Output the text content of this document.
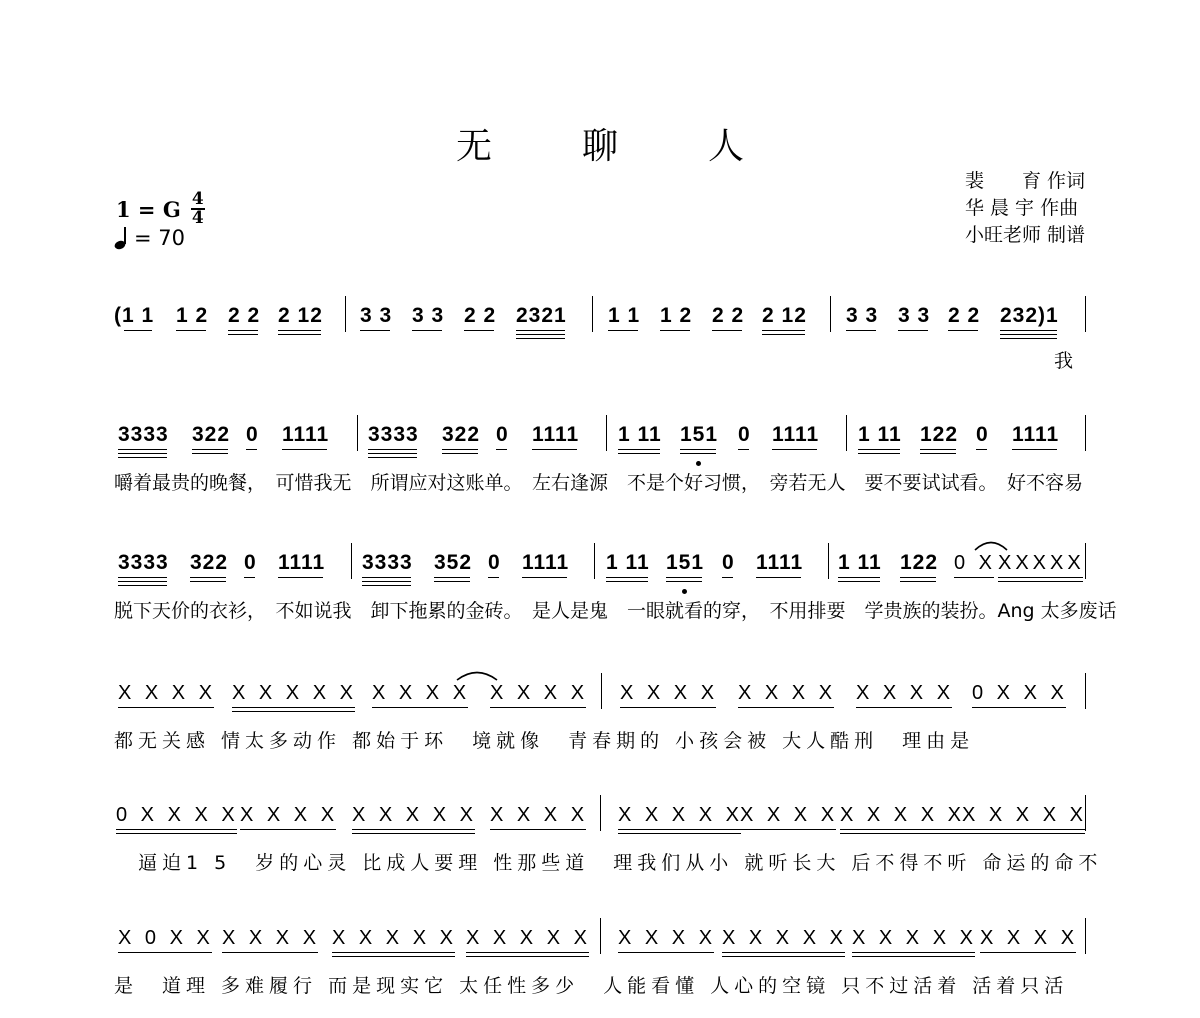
无聊人
裴　　育 作词
华 晨 宇 作曲
小旺老师 制谱
1 = G 4
4
= 70
(1 1 1 2 2 2 2 12 3 3 3 3 2 2 2321 1 1 1 2 2 2 2 12 3 3 3 3 2 2 232)1
我
3333 322 0 1111 3333 322 0 1111 1 11 151 0 1111 1 11 122 0 1111
嚼着最贵的晚餐，　可惜我无　所谓应对这账单。　左右逢源　不是个好习惯，　旁若无人　要不要试试看。　好不容易
3333 322 0 1111 3333 352 0 1111 1 11 151 0 1111 1 11 122 0 X XXXXX
脱下天价的衣衫，　不如说我　卸下拖累的金砖。　是人是鬼　一眼就看的穿，　不用排要　学贵族的装扮。Ang 太多废话
X X X X X X X X X X X X X X X X X X X X X X X X X X X X X 0 X X X
都无关感 情太多动作 都始于环　境就像　青春期的 小孩会被 大人酷刑　理由是
0 X X X X X X X X X X X X X X X X X X X X X X
X X X X X X X X X
X X X X X
　逼迫1 5　岁的心灵 比成人要理 性那些道　理我们从小 就听长大 后不得不听 命运的命不
X 0 X X X X X X X X X X X X X X X X X X X X X X X X X X X X X X X X X X
是　道理 多难履行 而是现实它 太任性多少　人能看懂 人心的空镜 只不过活着 活着只活
